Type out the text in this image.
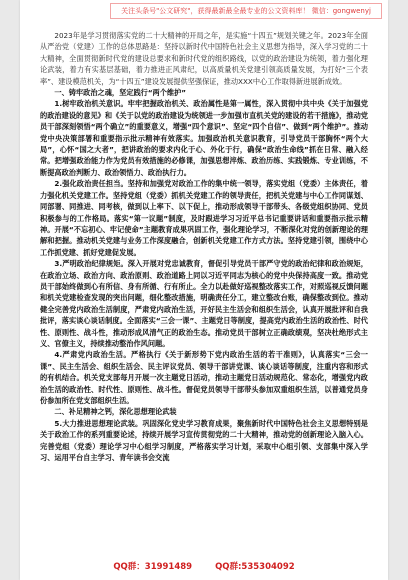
关注头条号"公文研究"，获得最新最全最专业的公文资料库！ 微信：gongwenyj

2023年是学习贯彻落实党的二十大精神的开局之年，是实施“十四五”规划关键之年。2023年全面从严治党（党建）工作的总体思路是：坚持以新时代中国特色社会主义思想为指导，深入学习党的二十大精神，全面贯彻新时代党的建设总要求和新时代党的组织路线，以党的政治建设为统领，着力强化理论武装，着力有实基层基础，着力推进正风肃纪，以高质量机关党建引领高质量发展，为打好“三个表率”、建设模范机关，为“十四五”建设发展提供坚强保证，推动XXX中心工作取得新进展新成效。

一、铸牢政治之魂，坚定践行“两个维护”

1.树牢政治机关意识。牢牢把握政治机关、政治属性是第一属性，深入贯彻中共中央《关于加强党的政治建设的意见》和《关于以党的政治建设为统领进一步加强市直机关党的建设的若干措施》，推动党员干部深刻领悟“两个确立”的重要意义，增强“四个意识”、坚定“四个自信”、做到“两个维护”。推动党中央决策部署和重要指示批示精神有效落实。加强政治机关意识教育，引导党员干部胸怀“两个大局”，心怀“国之大者”，把讲政治的要求内化于心、外化于行，确保“政治生命线”抓在日常、融入经常。把增强政治能力作为党员有效措施的必修课，加强思想淬炼、政治历练、实践锻炼、专业训练，不断提高政治判断力、政治领悟力、政治执行力。

2.强化政治责任担当。坚持和加强党对政治工作的集中统一领导，落实党组（党委）主体责任，着力强化机关党建工作。坚持党组（党委）抓机关党建工作的领导责任，把机关党建与中心工作同谋划、同部署、同推进、同考核，做到以上率下、以下促上，推动形成领导干部带头、各级党组织协同、党员积极参与的工作格局。落实“第一议题”制度，及时跟进学习习近平总书记重要讲话和重要指示批示精神。开展“不忘初心、牢记使命”主题教育成果巩固工作，强化理论学习，不断深化对党的创新理论的理解和把握。推动机关党建与业务工作深度融合，创新机关党建工作方式方法。坚持党建引领，围绕中心工作抓党建、抓好党建促发展。

3.严明政治纪律规矩。深入开展对党忠诚教育，督促引导党员干部严守党的政治纪律和政治规矩，在政治立场、政治方向、政治原则、政治道路上同以习近平同志为核心的党中央保持高度一致。推动党员干部始终做到心有所信、身有所循、行有所止。全力以赴做好巡视整改落实工作，对照巡视反馈问题和机关党建检查发现的突出问题，细化整改措施，明确责任分工，建立整改台账，确保整改到位。推动健全完善党内政治生活制度，严肃党内政治生活，开好民主生活会和组织生活会，认真开展批评和自我批评，落实谈心谈话制度。全面落实“三会一课”、主题党日等制度，提高党内政治生活的政治性、时代性、原则性、战斗性，推动形成风清气正的政治生态。推动党员干部树立正确政绩观，坚决杜绝形式主义、官僚主义，持续推动整治作风问题。

4.严肃党内政治生活。严格执行《关于新形势下党内政治生活的若干准则》，认真落实“三会一课”、民主生活会、组织生活会、民主评议党员、领导干部讲党课、谈心谈话等制度，注重内容和形式的有机结合。机关党支部每月开展一次主题党日活动，推动主题党日活动规范化、常态化，增强党内政治生活的政治性、时代性、原则性、战斗性。督促党员领导干部带头参加双重组织生活，以普通党员身份参加所在党支部组织生活。

二、补足精神之钙，深化思想理论武装

5.大力推进思想理论武装。巩固深化党史学习教育成果，聚焦新时代中国特色社会主义思想特别是关于政治工作的系列重要论述，持续开展学习宣传贯彻党的二十大精神，推动党的创新理论入脑入心。完善党组（党委）理论学习中心组学习制度，严格落实学习计划，采取中心组引领、支部集中深入学习、运用平台自主学习、青年读书会交流

QQ群：31991489	QQ群:535304092
